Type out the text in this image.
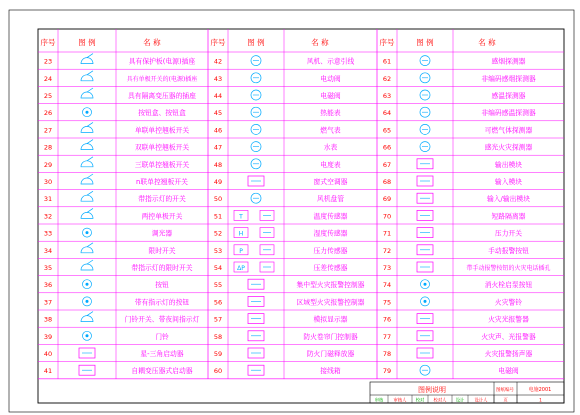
序号	图 例	名 称
23	具有保护板(电源)插座
24	具有单极开关的(电源)插座
25	具有隔离变压器的插座
26	按钮盒、按钮盒
27	单联单控翘板开关
28	双联单控翘板开关
29	三联单控翘板开关
30	n联单控翘板开关
31	带指示灯的开关
32	两控单极开关
33	调光器
34	限时开关
35	带指示灯的限时开关
36	按钮
37	带有指示灯的按钮
38	门铃开关、带夜间指示灯
39	门铃
40	星-三角启动器
41	自耦变压器式启动器
序号	图 例	名 称
42	风机、示意引线
43	电动阀
44	电磁阀
45	热能表
46	燃气表
47	水表
48	电度表
49	窗式空调器
50	风机盘管
51	T	温度传感器
52	H	湿度传感器
53	P	压力传感器
54 ΔP	压差传感器
55	集中型火灾报警控制器
56	区域型火灾报警控制器
57	模拟显示器
58	防火卷帘门控制器
59	防火门磁释放器
60	接线箱
序号	图 例	名 称
61	感烟探测器
62	非编码感烟探测器
63	感温探测器
64	非编码感温探测器
65	可燃气体探测器
66	感光火灾探测器
67	输出模块
68	输入模块
69	输入/输出模块
70	短路隔离器
71	压力开关
72	手动报警按钮
73	带手动报警按钮的火灾电话插孔
74	消火栓启泵按钮
75	火灾警铃
76	火灾光报警器
77	火灾声、光报警器
78	火灾报警扬声器
79	电磁阀
图例说明	图纸编号	电施2001
审核 审核人 校对 校对人 设计 设计人	页	1
